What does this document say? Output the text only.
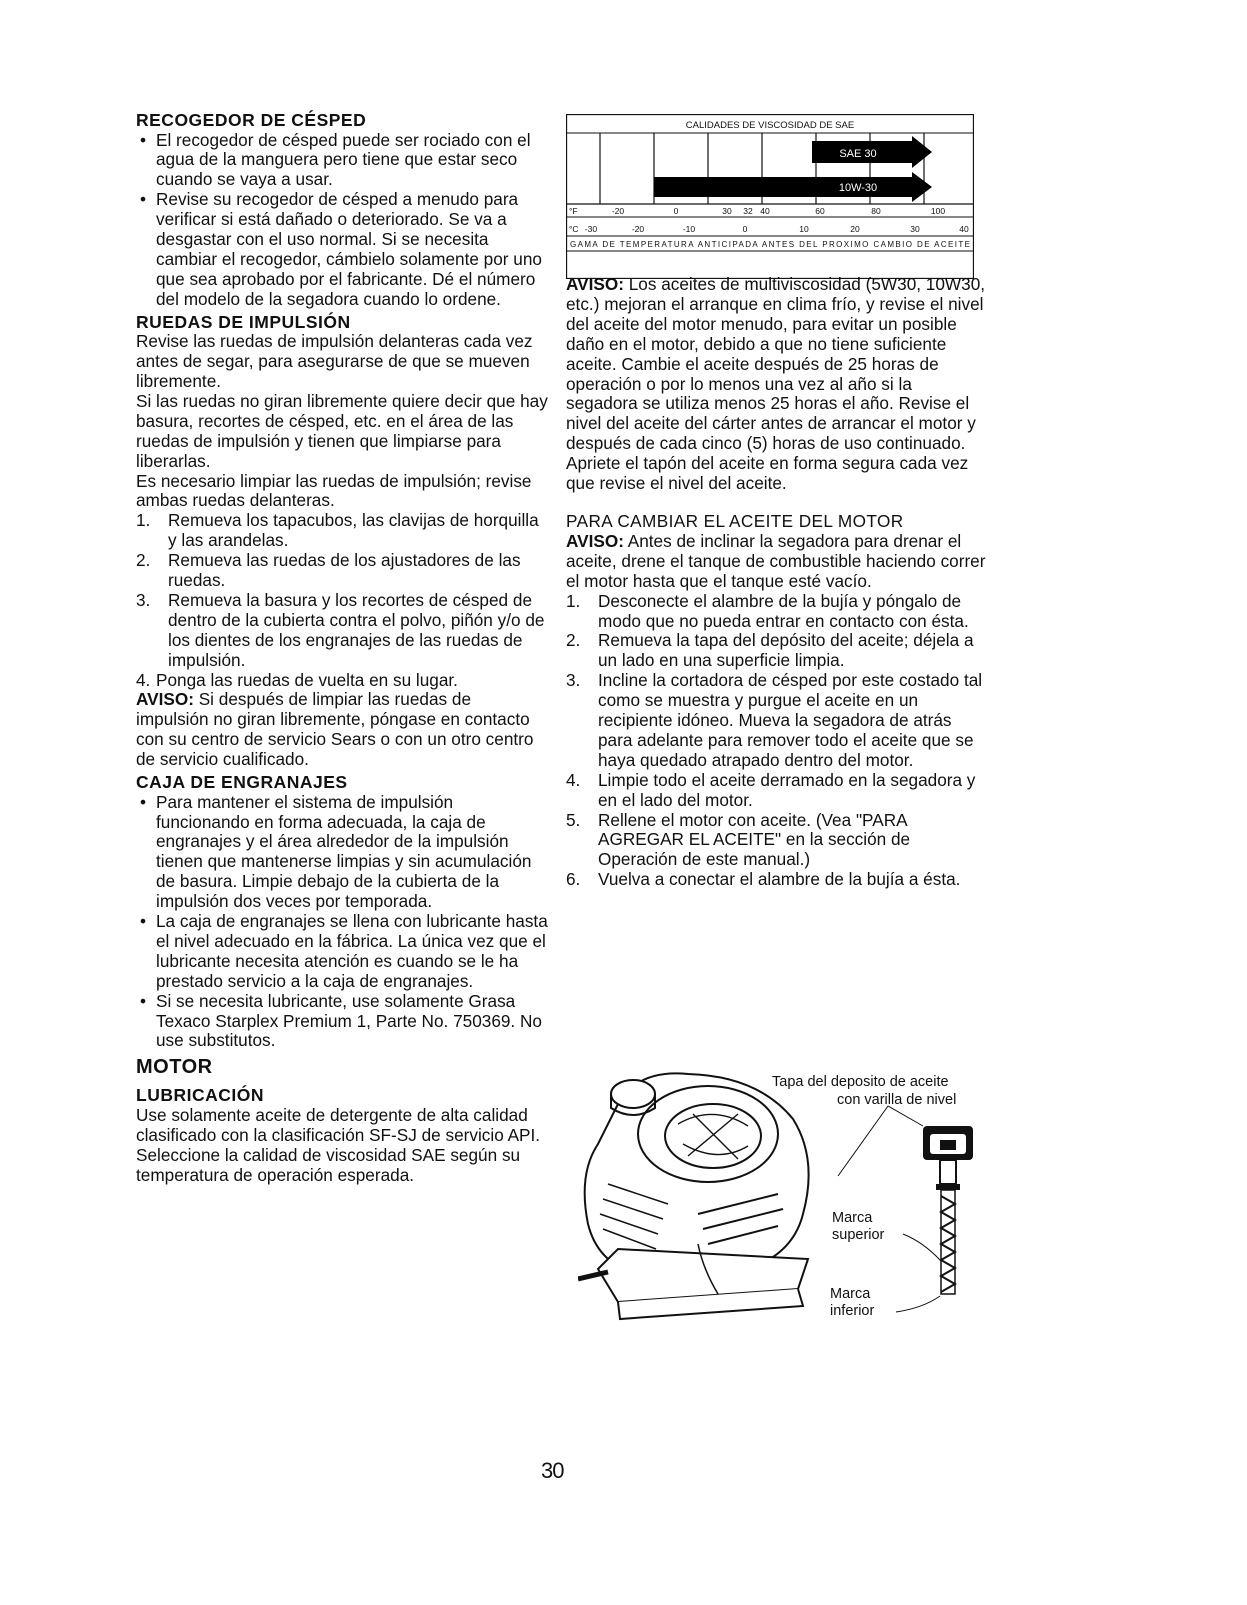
RECOGEDOR DE CÉSPED
• El recogedor de césped puede ser rociado con el agua de la manguera pero tiene que estar seco cuando se vaya a usar.
• Revise su recogedor de césped a menudo para verificar si está dañado o deteriorado. Se va a desgastar con el uso normal. Si se necesita cambiar el recogedor, cámbielo solamente por uno que sea aprobado por el fabricante. Dé el número del modelo de la segadora cuando lo ordene.
RUEDAS DE IMPULSIÓN

Revise las ruedas de impulsión delanteras cada vez antes de segar, para asegurarse de que se mueven libremente.

Si las ruedas no giran libremente quiere decir que hay basura, recortes de césped, etc. en el área de las ruedas de impulsión y tienen que limpiarse para liberarlas.

Es necesario limpiar las ruedas de impulsión; revise ambas ruedas delanteras.

1. Remueva los tapacubos, las clavijas de horquilla y las arandelas.
2. Remueva las ruedas de los ajustadores de las ruedas.
3. Remueva la basura y los recortes de césped de dentro de la cubierta contra el polvo, piñón y/o de los dientes de los engranajes de las ruedas de impulsión.
4. Ponga las ruedas de vuelta en su lugar.

AVISO: Si después de limpiar las ruedas de impulsión no giran libremente, póngase en contacto con su centro de servicio Sears o con un otro centro de servicio cualificado.

CAJA DE ENGRANAJES
• Para mantener el sistema de impulsión funcionando en forma adecuada, la caja de engranajes y el área alrededor de la impulsión tienen que mantenerse limpias y sin acumulación de basura. Limpie debajo de la cubierta de la impulsión dos veces por temporada.
• La caja de engranajes se llena con lubricante hasta el nivel adecuado en la fábrica. La única vez que el lubricante necesita atención es cuando se le ha prestado servicio a la caja de engranajes.
• Si se necesita lubricante, use solamente Grasa Texaco Starplex Premium 1, Parte No. 750369. No use substitutos.
MOTOR
LUBRICACIÓN

Use solamente aceite de detergente de alta calidad clasificado con la clasificación SF-SJ de servicio API. Seleccione la calidad de viscosidad SAE según su temperatura de operación esperada.

CALIDADES DE VISCOSIDAD DE SAE
SAE 30
10W-30
°F	-20	0	30 32 40	60	80	100
°C -30	-20	-10	0	10	20	30	40
GAMA DE TEMPERATURA ANTICIPADA ANTES DEL PROXIMO CAMBIO DE ACEITE

AVISO: Los aceites de multiviscosidad (5W30, 10W30, etc.) mejoran el arranque en clima frío, y revise el nivel del aceite del motor menudo, para evitar un posible daño en el motor, debido a que no tiene suficiente aceite. Cambie el aceite después de 25 horas de operación o por lo menos una vez al año si la segadora se utiliza menos 25 horas el año. Revise el nivel del aceite del cárter antes de arrancar el motor y después de cada cinco (5) horas de uso continuado. Apriete el tapón del aceite en forma segura cada vez que revise el nivel del aceite.

PARA CAMBIAR EL ACEITE DEL MOTOR

AVISO: Antes de inclinar la segadora para drenar el aceite, drene el tanque de combustible haciendo correr el motor hasta que el tanque esté vacío.

1. Desconecte el alambre de la bujía y póngalo de modo que no pueda entrar en contacto con ésta.
2. Remueva la tapa del depósito del aceite; déjela a un lado en una superficie limpia.
3. Incline la cortadora de césped por este costado tal como se muestra y purgue el aceite en un recipiente idóneo. Mueva la segadora de atrás para adelante para remover todo el aceite que se haya quedado atrapado dentro del motor.
4. Limpie todo el aceite derramado en la segadora y en el lado del motor.
5. Rellene el motor con aceite. (Vea "PARA AGREGAR EL ACEITE" en la sección de Operación de este manual.)
6. Vuelva a conectar el alambre de la bujía a ésta.
Tapa del deposito de aceite
con varilla de nivel
Marca
superior
Marca
inferior
30
